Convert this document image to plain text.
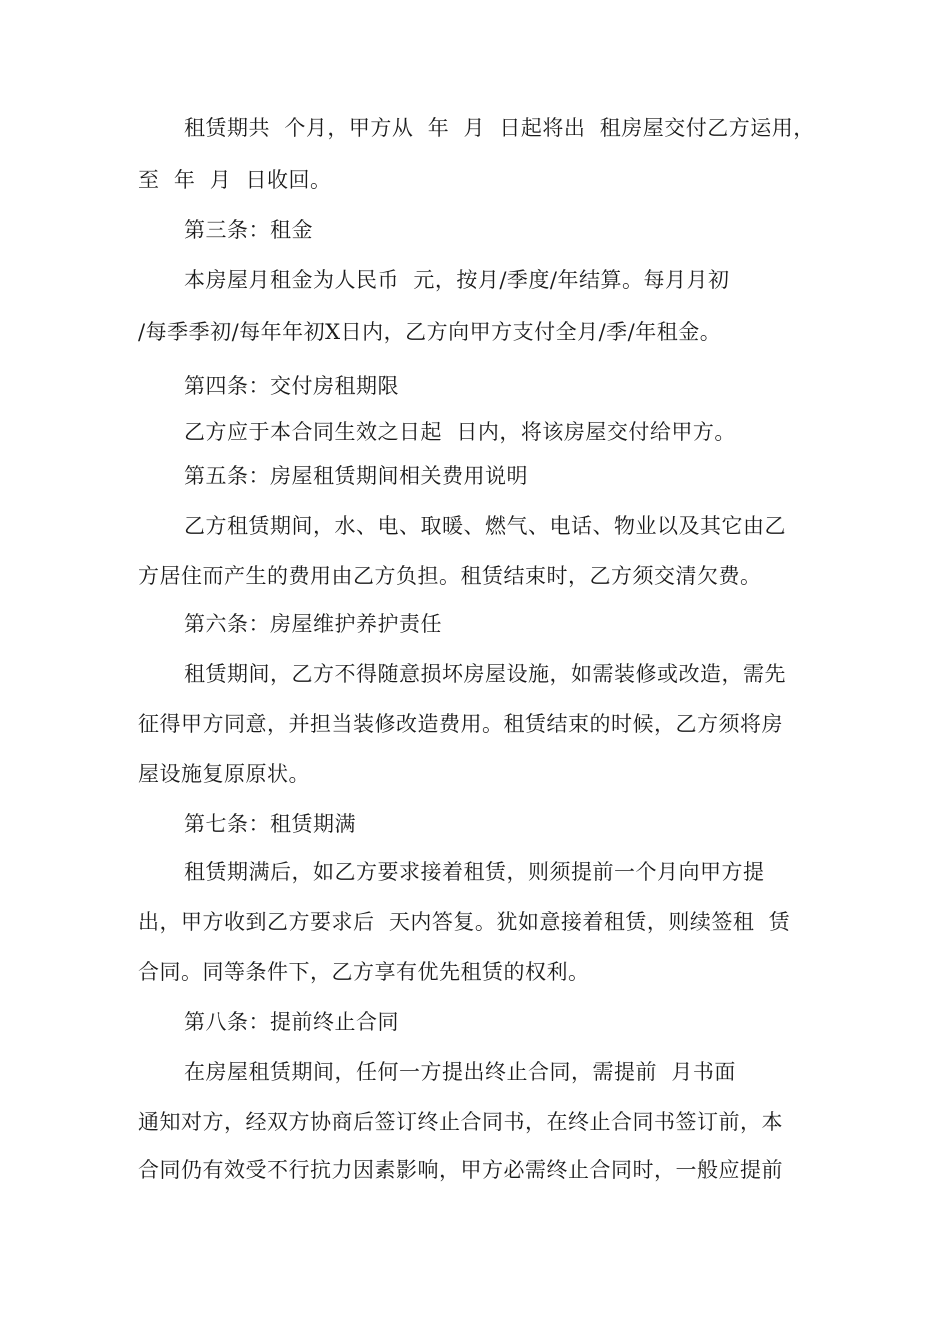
租赁期共  个月，甲方从  年  月  日起将出  租房屋交付乙方运用，
至  年  月  日收回。
第三条：租金
本房屋月租金为人民币  元，按月/季度/年结算。每月月初
/每季季初/每年年初X日内，乙方向甲方支付全月/季/年租金。
第四条：交付房租期限
乙方应于本合同生效之日起  日内，将该房屋交付给甲方。
第五条：房屋租赁期间相关费用说明
乙方租赁期间，水、电、取暖、燃气、电话、物业以及其它由乙
方居住而产生的费用由乙方负担。租赁结束时，乙方须交清欠费。
第六条：房屋维护养护责任
租赁期间，乙方不得随意损坏房屋设施，如需装修或改造，需先
征得甲方同意，并担当装修改造费用。租赁结束的时候，乙方须将房
屋设施复原原状。
第七条：租赁期满
租赁期满后，如乙方要求接着租赁，则须提前一个月向甲方提
出，甲方收到乙方要求后  天内答复。犹如意接着租赁，则续签租  赁
合同。同等条件下，乙方享有优先租赁的权利。
第八条：提前终止合同
在房屋租赁期间，任何一方提出终止合同，需提前  月书面
通知对方，经双方协商后签订终止合同书，在终止合同书签订前，本
合同仍有效受不行抗力因素影响，甲方必需终止合同时，一般应提前
